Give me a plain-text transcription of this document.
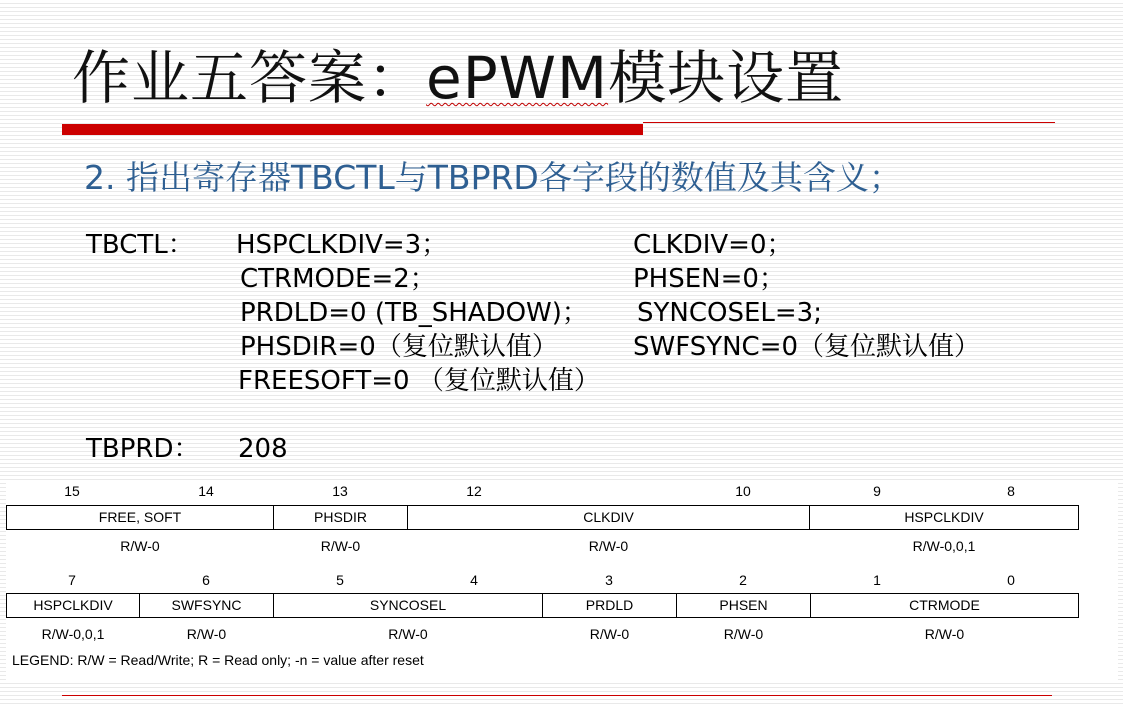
作业五答案：ePWM模块设置
2. 指出寄存器TBCTL与TBPRD各字段的数值及其含义；
TBCTL： HSPCLKDIV=3；	CLKDIV=0；
CTRMODE=2；	PHSEN=0；
PRDLD=0 (TB_SHADOW)； SYNCOSEL=3;
PHSDIR=0（复位默认值）	SWFSYNC=0（复位默认值）
FREESOFT=0 （复位默认值）
TBPRD： 208
15	14	13	12	10	9	8
FREE, SOFT	PHSDIR	CLKDIV	HSPCLKDIV
R/W-0	R/W-0	R/W-0	R/W-0,0,1
7	6	5	4	3	2	1	0
HSPCLKDIV	SWFSYNC	SYNCOSEL	PRDLD	PHSEN	CTRMODE
R/W-0,0,1	R/W-0	R/W-0	R/W-0	R/W-0	R/W-0
LEGEND: R/W = Read/Write; R = Read only; -n = value after reset
